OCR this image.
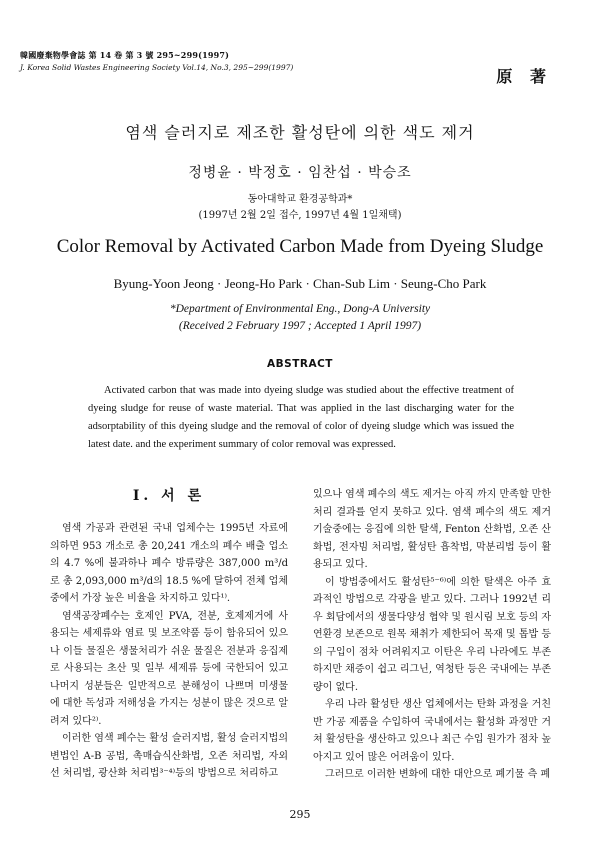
韓國廢棄物學會誌 第 14 卷 第 3 號 295~299(1997)
J. Korea Solid Wastes Engineering Society Vol.14, No.3, 295~299(1997)	原 著
염색 슬러지로 제조한 활성탄에 의한 색도 제거
정병윤 · 박정호 · 임찬섭 · 박승조
동아대학교 환경공학과*
(1997년 2월 2일 접수, 1997년 4월 1일채택)
Color Removal by Activated Carbon Made from Dyeing Sludge
Byung-Yoon Jeong · Jeong-Ho Park · Chan-Sub Lim · Seung-Cho Park
*Department of Environmental Eng., Dong-A University
(Received 2 February 1997 ; Accepted 1 April 1997)
ABSTRACT
Activated carbon that was made into dyeing sludge was studied about the effective treatment of dyeing sludge for reuse of waste material. That was applied in the last discharging water for the adsorptability of this dyeing sludge and the removal of color of dyeing sludge which was issued the latest date. and the experiment summary of color removal was expressed.
I. 서 론

염색 가공과 관련된 국내 업체수는 1995년 자료에 의하면 953 개소로 총 20,241 개소의 폐수 배출 업소의 4.7 %에 불과하나 폐수 방류량은 387,000 m³/d 로 총 2,093,000 m³/d의 18.5 %에 달하여 전체 업체중에서 가장 높은 비율을 차지하고 있다¹⁾.

염색공장폐수는 호제인 PVA, 전분, 호제제거에 사용되는 세제류와 염료 및 보조약품 등이 함유되어 있으나 이들 물질은 생물처리가 쉬운 물질은 전분과 응집제로 사용되는 초산 및 일부 세제류 등에 국한되어 있고 나머지 성분들은 일반적으로 분해성이 나쁘며 미생물에 대한 독성과 저해성을 가지는 성분이 많은 것으로 알려져 있다²⁾.

이러한 염색 폐수는 활성 슬러지법, 활성 슬러지법의 변법인 A-B 공법, 촉매습식산화법, 오존 처리법, 자외선 처리법, 광산화 처리법³⁻⁴⁾등의 방법으로 처리하고

있으나 염색 폐수의 색도 제거는 아직 까지 만족할 만한 처리 결과를 얻지 못하고 있다. 염색 폐수의 색도 제거 기술중에는 응집에 의한 탈색, Fenton 산화법, 오존 산화법, 전자빔 처리법, 활성탄 흡착법, 막분리법 등이 활용되고 있다.

이 방법중에서도 활성탄⁵⁻⁶⁾에 의한 탈색은 아주 효과적인 방법으로 각광을 받고 있다. 그러나 1992년 리우 회담에서의 생물다양성 협약 및 원시림 보호 등의 자연환경 보존으로 원목 채취가 제한되어 목재 및 톱밥 등의 구입이 점차 어려워지고 이탄은 우리 나라에도 부존하지만 채증이 쉽고 리그닌, 역청탄 등은 국내에는 부존량이 없다.

우리 나라 활성탄 생산 업체에서는 탄화 과정을 거친 반 가공 제품을 수입하여 국내에서는 활성화 과정만 거쳐 활성탄을 생산하고 있으나 최근 수입 원가가 점차 높아지고 있어 많은 어려움이 있다.

그러므로 이러한 변화에 대한 대안으로 폐기물 측 폐

295
